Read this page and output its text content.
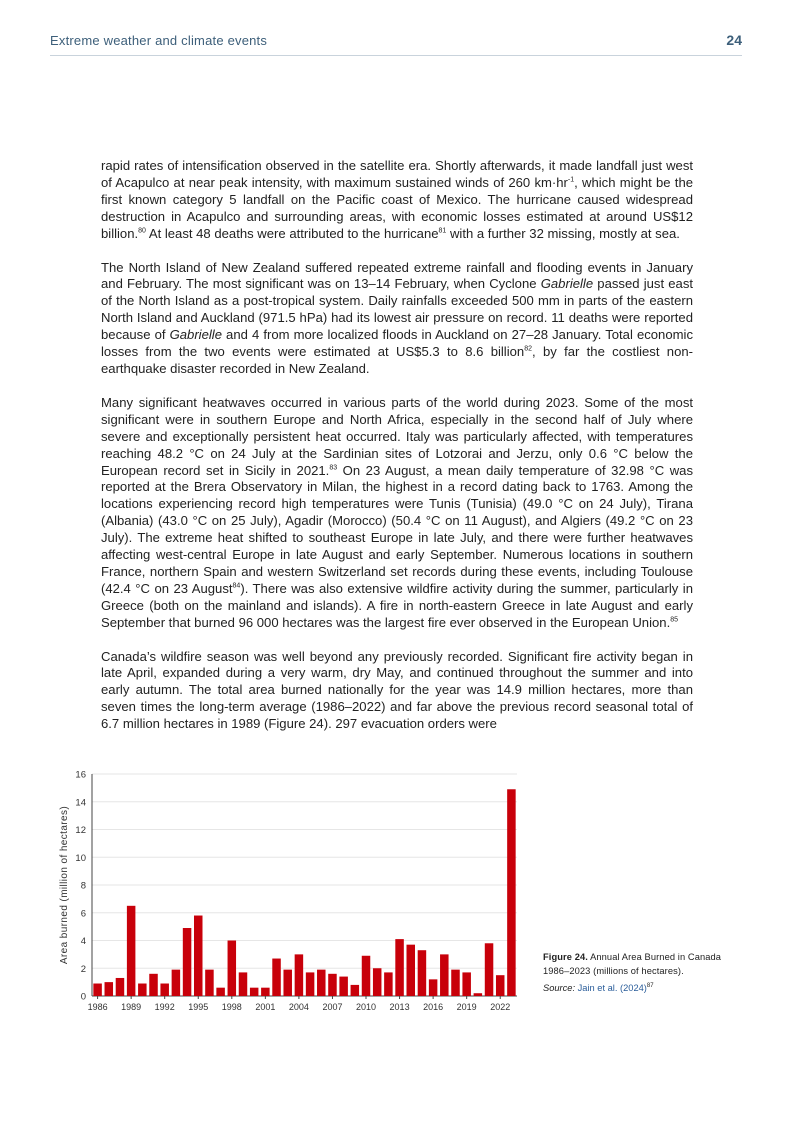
Extreme weather and climate events	24

rapid rates of intensification observed in the satellite era. Shortly afterwards, it made landfall just west of Acapulco at near peak intensity, with maximum sustained winds of 260 $km\cdot hr^{-1}$, which might be the first known category 5 landfall on the Pacific coast of Mexico. The hurricane caused widespread destruction in Acapulco and surrounding areas, with economic losses estimated at around US$12 billion.$^{80}$ At least 48 deaths were attributed to the hurricane$^{81}$ with a further 32 missing, mostly at sea.

The North Island of New Zealand suffered repeated extreme rainfall and flooding events in January and February. The most significant was on 13–14 February, when Cyclone Gabrielle passed just east of the North Island as a post-tropical system. Daily rainfalls exceeded 500 mm in parts of the eastern North Island and Auckland (971.5 hPa) had its lowest air pressure on record. 11 deaths were reported because of Gabrielle and 4 from more localized floods in Auckland on 27–28 January. Total economic losses from the two events were estimated at US$5.3 to 8.6 billion$^{82}$, by far the costliest non-earthquake disaster recorded in New Zealand.

Many significant heatwaves occurred in various parts of the world during 2023. Some of the most significant were in southern Europe and North Africa, especially in the second half of July where severe and exceptionally persistent heat occurred. Italy was particularly affected, with temperatures reaching 48.2 °C on 24 July at the Sardinian sites of Lotzorai and Jerzu, only 0.6 °C below the European record set in Sicily in 2021.83 On 23 August, a mean daily temperature of 32.98 °C was reported at the Brera Observatory in Milan, the highest in a record dating back to 1763. Among the locations experiencing record high temperatures were Tunis (Tunisia) (49.0 °C on 24 July), Tirana (Albania) (43.0 °C on 25 July), Agadir (Morocco) (50.4 °C on 11 August), and Algiers (49.2 °C on 23 July). The extreme heat shifted to southeast Europe in late July, and there were further heatwaves affecting west-central Europe in late August and early September. Numerous locations in southern France, northern Spain and western Switzerland set records during these events, including Toulouse (42.4 °C on 23 August$^{84}$). There was also extensive wildfire activity during the summer, particularly in Greece (both on the mainland and islands). A fire in north-eastern Greece in late August and early September that burned 96 000 hectares was the largest fire ever observed in the European Union.$^{85}$

Canada’s wildfire season was well beyond any previously recorded. Significant fire activity began in late April, expanded during a very warm, dry May, and continued throughout the summer and into early autumn. The total area burned nationally for the year was 14.9 million hectares, more than seven times the long-term average (1986–2022) and far above the previous record seasonal total of 6.7 million hectares in 1989 (Figure 24). 297 evacuation orders were

0
2
4
6
8
10
12
14
16
1986 1989 1992 1995 1998 2001 2004 2007 2010 2013 2016 2019 2022
Area burned (million of hectares)	Figure 24. Annual Area Burned in Canada
1986–2023 (millions of hectares).
Source: Jain et al. $(2024)^{87}$
